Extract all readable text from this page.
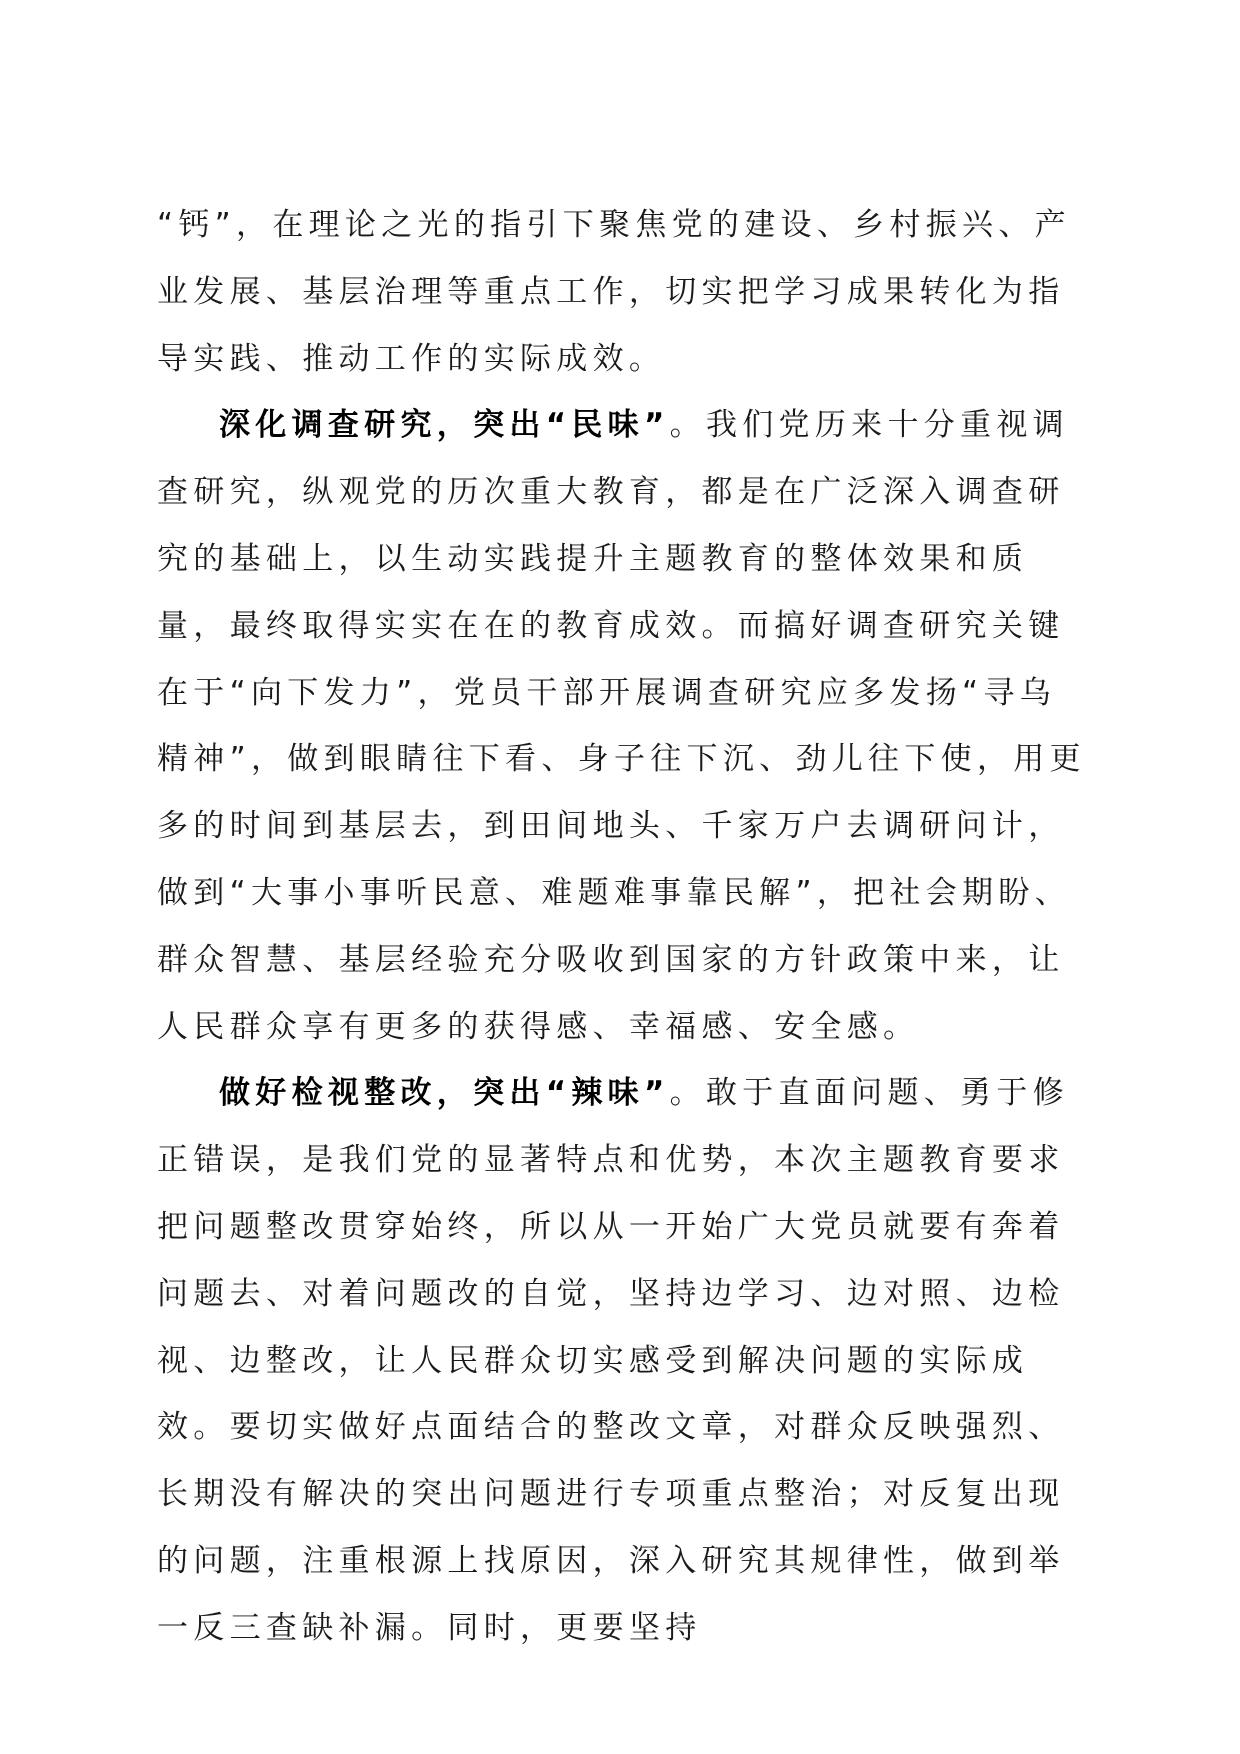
“钙”，在理论之光的指引下聚焦党的建设、乡村振兴、产业发展、基层治理等重点工作，切实把学习成果转化为指导实践、推动工作的实际成效。

深化调查研究，突出“民味”。我们党历来十分重视调查研究，纵观党的历次重大教育，都是在广泛深入调查研究的基础上，以生动实践提升主题教育的整体效果和质量，最终取得实实在在的教育成效。而搞好调查研究关键在于“向下发力”，党员干部开展调查研究应多发扬“寻乌精神”，做到眼睛往下看、身子往下沉、劲儿往下使，用更多的时间到基层去，到田间地头、千家万户去调研问计，做到“大事小事听民意、难题难事靠民解”，把社会期盼、群众智慧、基层经验充分吸收到国家的方针政策中来，让人民群众享有更多的获得感、幸福感、安全感。

做好检视整改，突出“辣味”。敢于直面问题、勇于修正错误，是我们党的显著特点和优势，本次主题教育要求把问题整改贯穿始终，所以从一开始广大党员就要有奔着问题去、对着问题改的自觉，坚持边学习、边对照、边检视、边整改，让人民群众切实感受到解决问题的实际成效。要切实做好点面结合的整改文章，对群众反映强烈、长期没有解决的突出问题进行专项重点整治；对反复出现的问题，注重根源上找原因，深入研究其规律性，做到举一反三查缺补漏。同时，更要坚持
